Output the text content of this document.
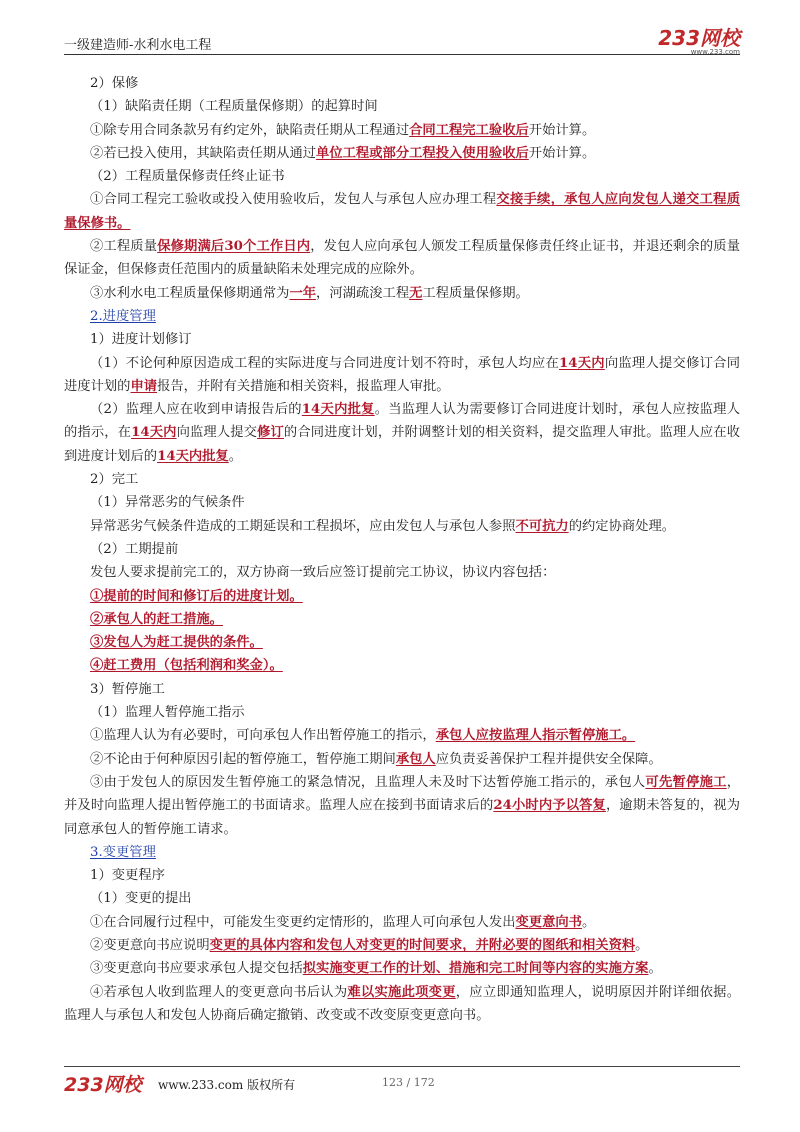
一级建造师-水利水电工程	233网校
www.233.com

2）保修

（1）缺陷责任期（工程质量保修期）的起算时间

①除专用合同条款另有约定外，缺陷责任期从工程通过合同工程完工验收后开始计算。

②若已投入使用，其缺陷责任期从通过单位工程或部分工程投入使用验收后开始计算。

（2）工程质量保修责任终止证书

①合同工程完工验收或投入使用验收后，发包人与承包人应办理工程交接手续，承包人应向发包人递交工程质量保修书。

②工程质量保修期满后30个工作日内，发包人应向承包人颁发工程质量保修责任终止证书，并退还剩余的质量保证金，但保修责任范围内的质量缺陷未处理完成的应除外。

③水利水电工程质量保修期通常为一年，河湖疏浚工程无工程质量保修期。

2.进度管理

1）进度计划修订

（1）不论何种原因造成工程的实际进度与合同进度计划不符时，承包人均应在14天内向监理人提交修订合同进度计划的申请报告，并附有关措施和相关资料，报监理人审批。

（2）监理人应在收到申请报告后的14天内批复。当监理人认为需要修订合同进度计划时，承包人应按监理人的指示，在14天内向监理人提交修订的合同进度计划，并附调整计划的相关资料，提交监理人审批。监理人应在收到进度计划后的14天内批复。

2）完工

（1）异常恶劣的气候条件

异常恶劣气候条件造成的工期延误和工程损坏，应由发包人与承包人参照不可抗力的约定协商处理。

（2）工期提前

发包人要求提前完工的，双方协商一致后应签订提前完工协议，协议内容包括：

①提前的时间和修订后的进度计划。

②承包人的赶工措施。

③发包人为赶工提供的条件。

④赶工费用（包括利润和奖金）。

3）暂停施工

（1）监理人暂停施工指示

①监理人认为有必要时，可向承包人作出暂停施工的指示，承包人应按监理人指示暂停施工。

②不论由于何种原因引起的暂停施工，暂停施工期间承包人应负责妥善保护工程并提供安全保障。

③由于发包人的原因发生暂停施工的紧急情况，且监理人未及时下达暂停施工指示的，承包人可先暂停施工，并及时向监理人提出暂停施工的书面请求。监理人应在接到书面请求后的24小时内予以答复，逾期未答复的，视为同意承包人的暂停施工请求。

3.变更管理

1）变更程序

（1）变更的提出

①在合同履行过程中，可能发生变更约定情形的，监理人可向承包人发出变更意向书。

②变更意向书应说明变更的具体内容和发包人对变更的时间要求，并附必要的图纸和相关资料。

③变更意向书应要求承包人提交包括拟实施变更工作的计划、措施和完工时间等内容的实施方案。

④若承包人收到监理人的变更意向书后认为难以实施此项变更，应立即通知监理人，说明原因并附详细依据。监理人与承包人和发包人协商后确定撤销、改变或不改变原变更意向书。

233网校 www.233.com 版权所有	123 / 172
